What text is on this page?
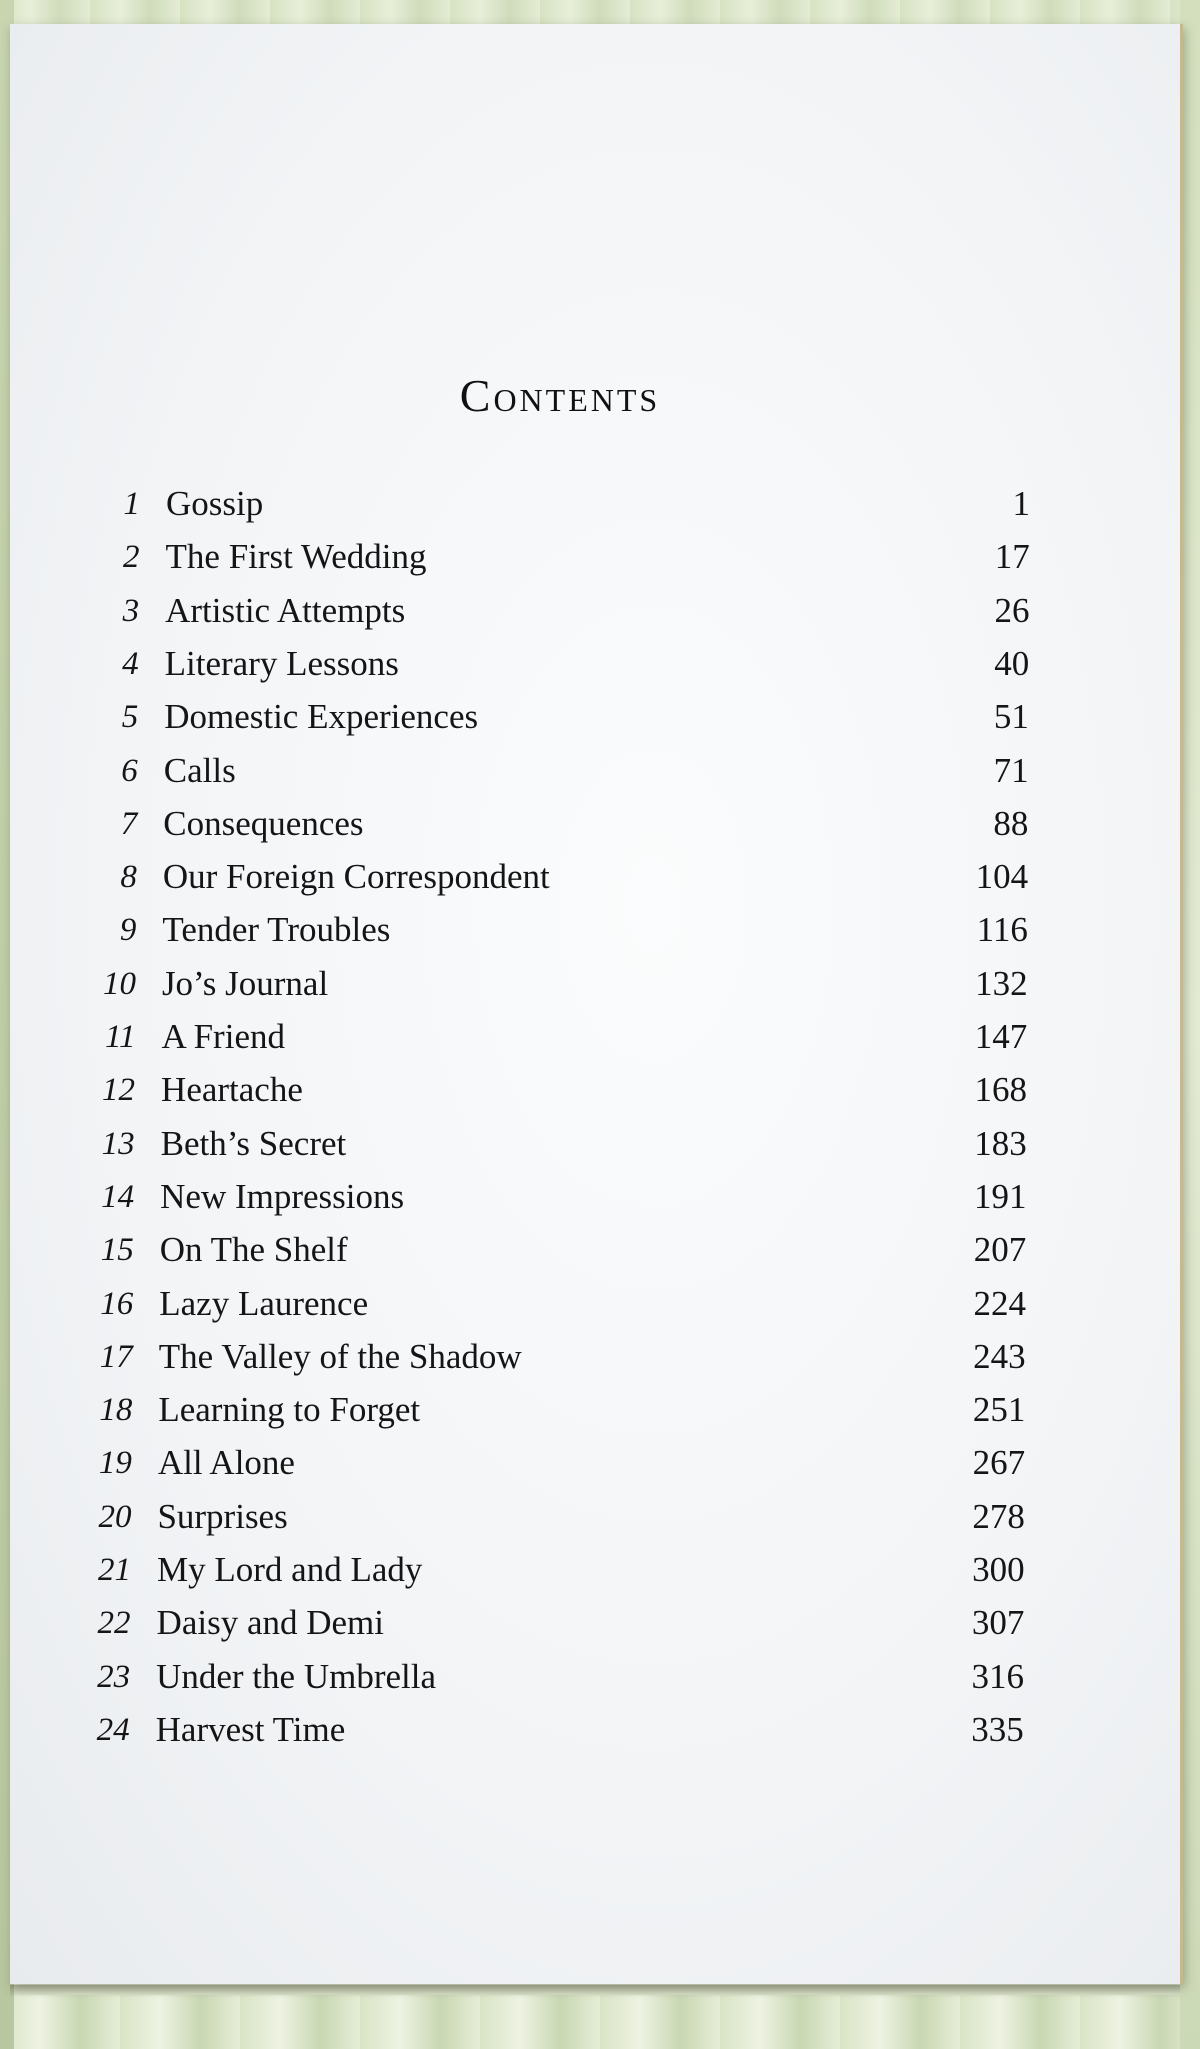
Contents
1 Gossip	1
2 The First Wedding	17
3 Artistic Attempts	26
4 Literary Lessons	40
5 Domestic Experiences	51
6 Calls	71
7 Consequences	88
8 Our Foreign Correspondent	104
9 Tender Troubles	116
10 Jo’s Journal	132
11 A Friend	147
12 Heartache	168
13 Beth’s Secret	183
14 New Impressions	191
15 On The Shelf	207
16 Lazy Laurence	224
17 The Valley of the Shadow	243
18 Learning to Forget	251
19 All Alone	267
20 Surprises	278
21 My Lord and Lady	300
22 Daisy and Demi	307
23 Under the Umbrella	316
24 Harvest Time	335
